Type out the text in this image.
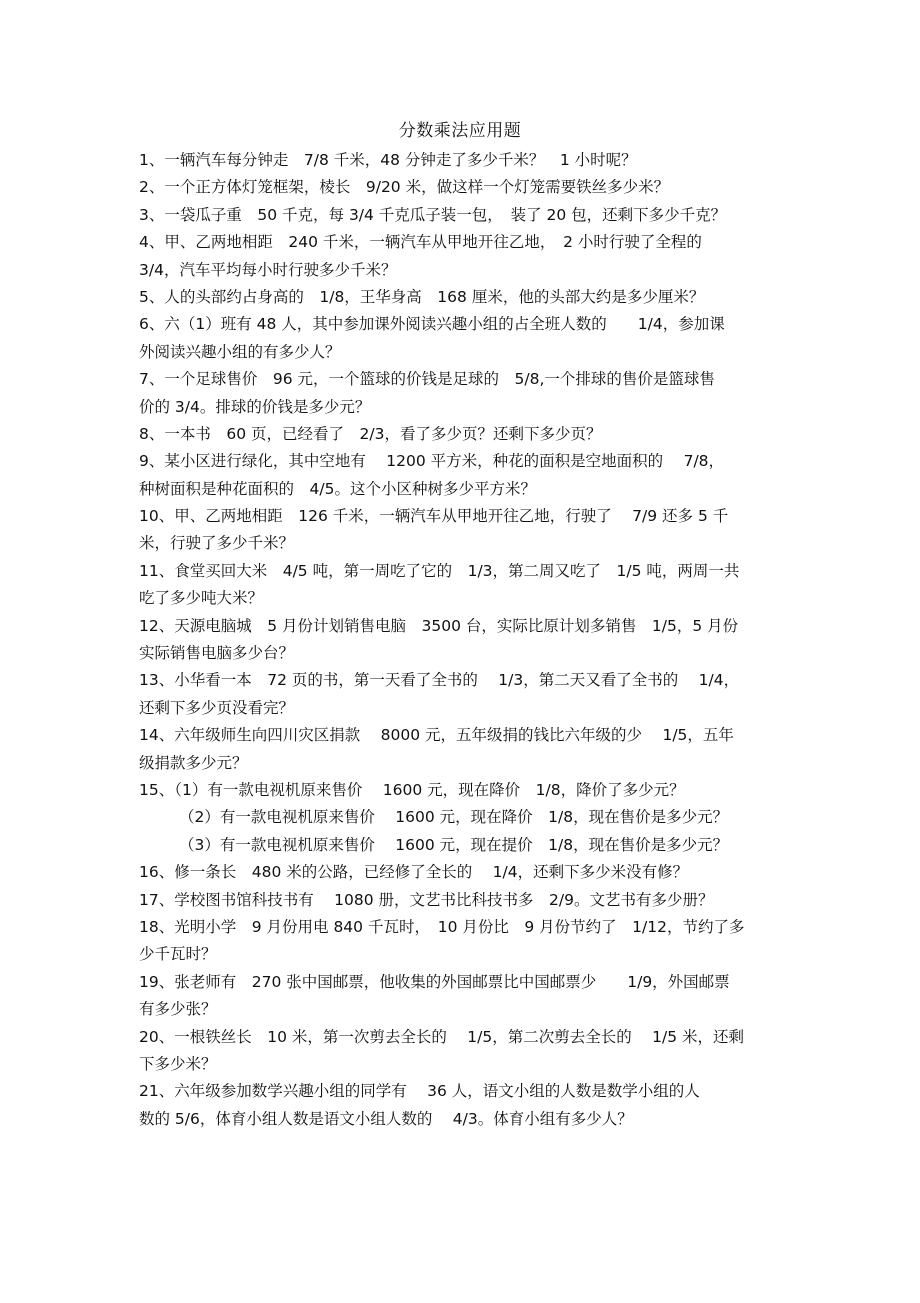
分数乘法应用题
1、一辆汽车每分钟走　7/8 千米，48 分钟走了多少千米？　1 小时呢？
2、一个正方体灯笼框架，棱长　9/20 米，做这样一个灯笼需要铁丝多少米？
3、一袋瓜子重　50 千克，每 3/4 千克瓜子装一包，　装了 20 包，还剩下多少千克？
4、甲、乙两地相距　240 千米，一辆汽车从甲地开往乙地，　2 小时行驶了全程的
3/4，汽车平均每小时行驶多少千米？
5、人的头部约占身高的　1/8，王华身高　168 厘米，他的头部大约是多少厘米？
6、六（1）班有 48 人，其中参加课外阅读兴趣小组的占全班人数的　　1/4，参加课
外阅读兴趣小组的有多少人？
7、一个足球售价　96 元，一个篮球的价钱是足球的　5/8,一个排球的售价是篮球售
价的 3/4。排球的价钱是多少元？
8、一本书　60 页，已经看了　2/3，看了多少页？还剩下多少页？
9、某小区进行绿化，其中空地有　 1200 平方米，种花的面积是空地面积的　 7/8，
种树面积是种花面积的　4/5。这个小区种树多少平方米？
10、甲、乙两地相距　126 千米，一辆汽车从甲地开往乙地，行驶了　 7/9 还多 5 千
米，行驶了多少千米？
11、食堂买回大米　4/5 吨，第一周吃了它的　1/3，第二周又吃了　1/5 吨，两周一共
吃了多少吨大米？
12、天源电脑城　5 月份计划销售电脑　3500 台，实际比原计划多销售　1/5，5 月份
实际销售电脑多少台？
13、小华看一本　72 页的书，第一天看了全书的　 1/3，第二天又看了全书的　 1/4，
还剩下多少页没看完？
14、六年级师生向四川灾区捐款　 8000 元，五年级捐的钱比六年级的少　 1/5，五年
级捐款多少元？
15、（1）有一款电视机原来售价　 1600 元，现在降价　1/8，降价了多少元？
（2）有一款电视机原来售价　 1600 元，现在降价　1/8，现在售价是多少元？
（3）有一款电视机原来售价　 1600 元，现在提价　1/8，现在售价是多少元？
16、修一条长　480 米的公路，已经修了全长的　 1/4，还剩下多少米没有修？
17、学校图书馆科技书有　 1080 册，文艺书比科技书多　2/9。文艺书有多少册？
18、光明小学　9 月份用电 840 千瓦时，　10 月份比　9 月份节约了　1/12，节约了多
少千瓦时？
19、张老师有　270 张中国邮票，他收集的外国邮票比中国邮票少　　1/9，外国邮票
有多少张？
20、一根铁丝长　10 米，第一次剪去全长的　 1/5，第二次剪去全长的　 1/5 米，还剩
下多少米？
21、六年级参加数学兴趣小组的同学有　 36 人，语文小组的人数是数学小组的人
数的 5/6，体育小组人数是语文小组人数的　 4/3。体育小组有多少人？
